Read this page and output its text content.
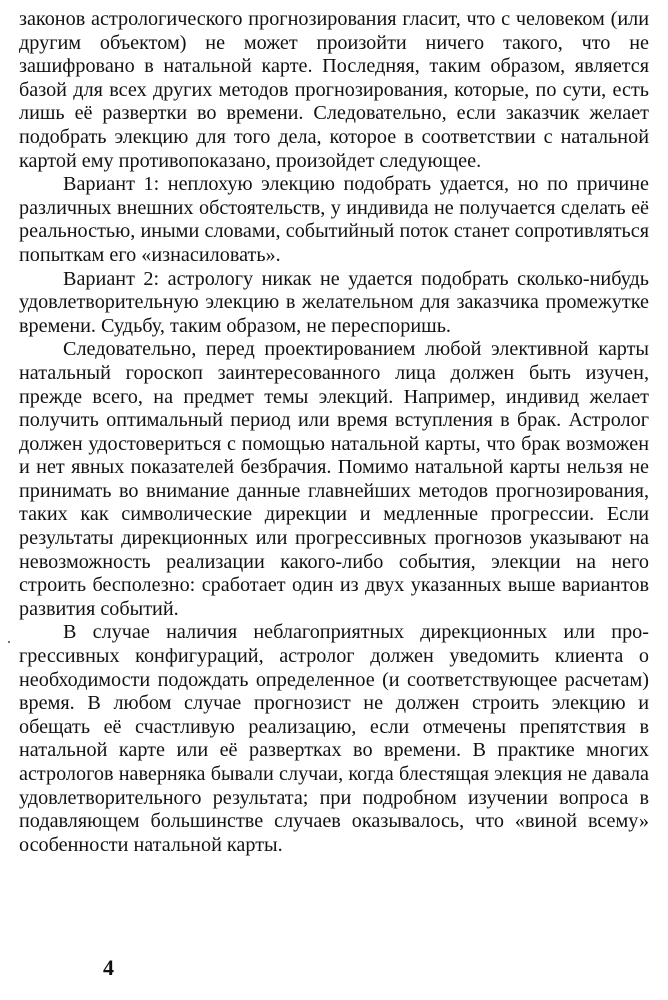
законов астрологического прогнозирования гласит, что с человеком (или другим объектом) не может произойти ничего такого, что не зашифровано в натальной карте. Последняя, таким образом, является базой для всех других методов прогнозирования, которые, по сути, есть лишь её развертки во времени. Следовательно, если заказчик желает подобрать элекцию для того дела, которое в соответствии с натальной картой ему противопоказано, произойдет следующее.

Вариант 1: неплохую элекцию подобрать удается, но по причине различных внешних обстоятельств, у индивида не получается сделать её реальностью, иными словами, событийный поток станет сопротивляться попыткам его «изнасиловать».

Вариант 2: астрологу никак не удается подобрать сколько-нибудь удовлетворительную элекцию в желательном для заказчика промежутке времени. Судьбу, таким образом, не переспоришь.

Следовательно, перед проектированием любой элективной карты натальный гороскоп заинтересованного лица должен быть изучен, прежде всего, на предмет темы элекций. Например, индивид желает получить оптимальный период или время вступления в брак. Астролог должен удостовериться с помощью натальной карты, что брак возможен и нет явных показателей безбрачия. Помимо натальной карты нельзя не принимать во внимание данные главнейших методов прогнозирования, таких как символические дирекции и медленные прогрессии. Если результаты дирекционных или прогрессивных прогнозов указывают на невозможность реализации какого-либо события, элекции на него строить бесполезно: сработает один из двух указанных выше вариантов развития событий.

В случае наличия неблагоприятных дирекционных или прогрессивных конфигураций, астролог должен уведомить клиента о необходимости подождать определенное (и соответствующее расчетам) время. В любом случае прогнозист не должен строить элекцию и обещать её счастливую реализацию, если отмечены препятствия в натальной карте или её развертках во времени. В практике многих астрологов наверняка бывали случаи, когда блестящая элекция не давала удовлетворительного результата; при подробном изучении вопроса в подавляющем большинстве случаев оказывалось, что «виной всему» особенности натальной карты.

4
